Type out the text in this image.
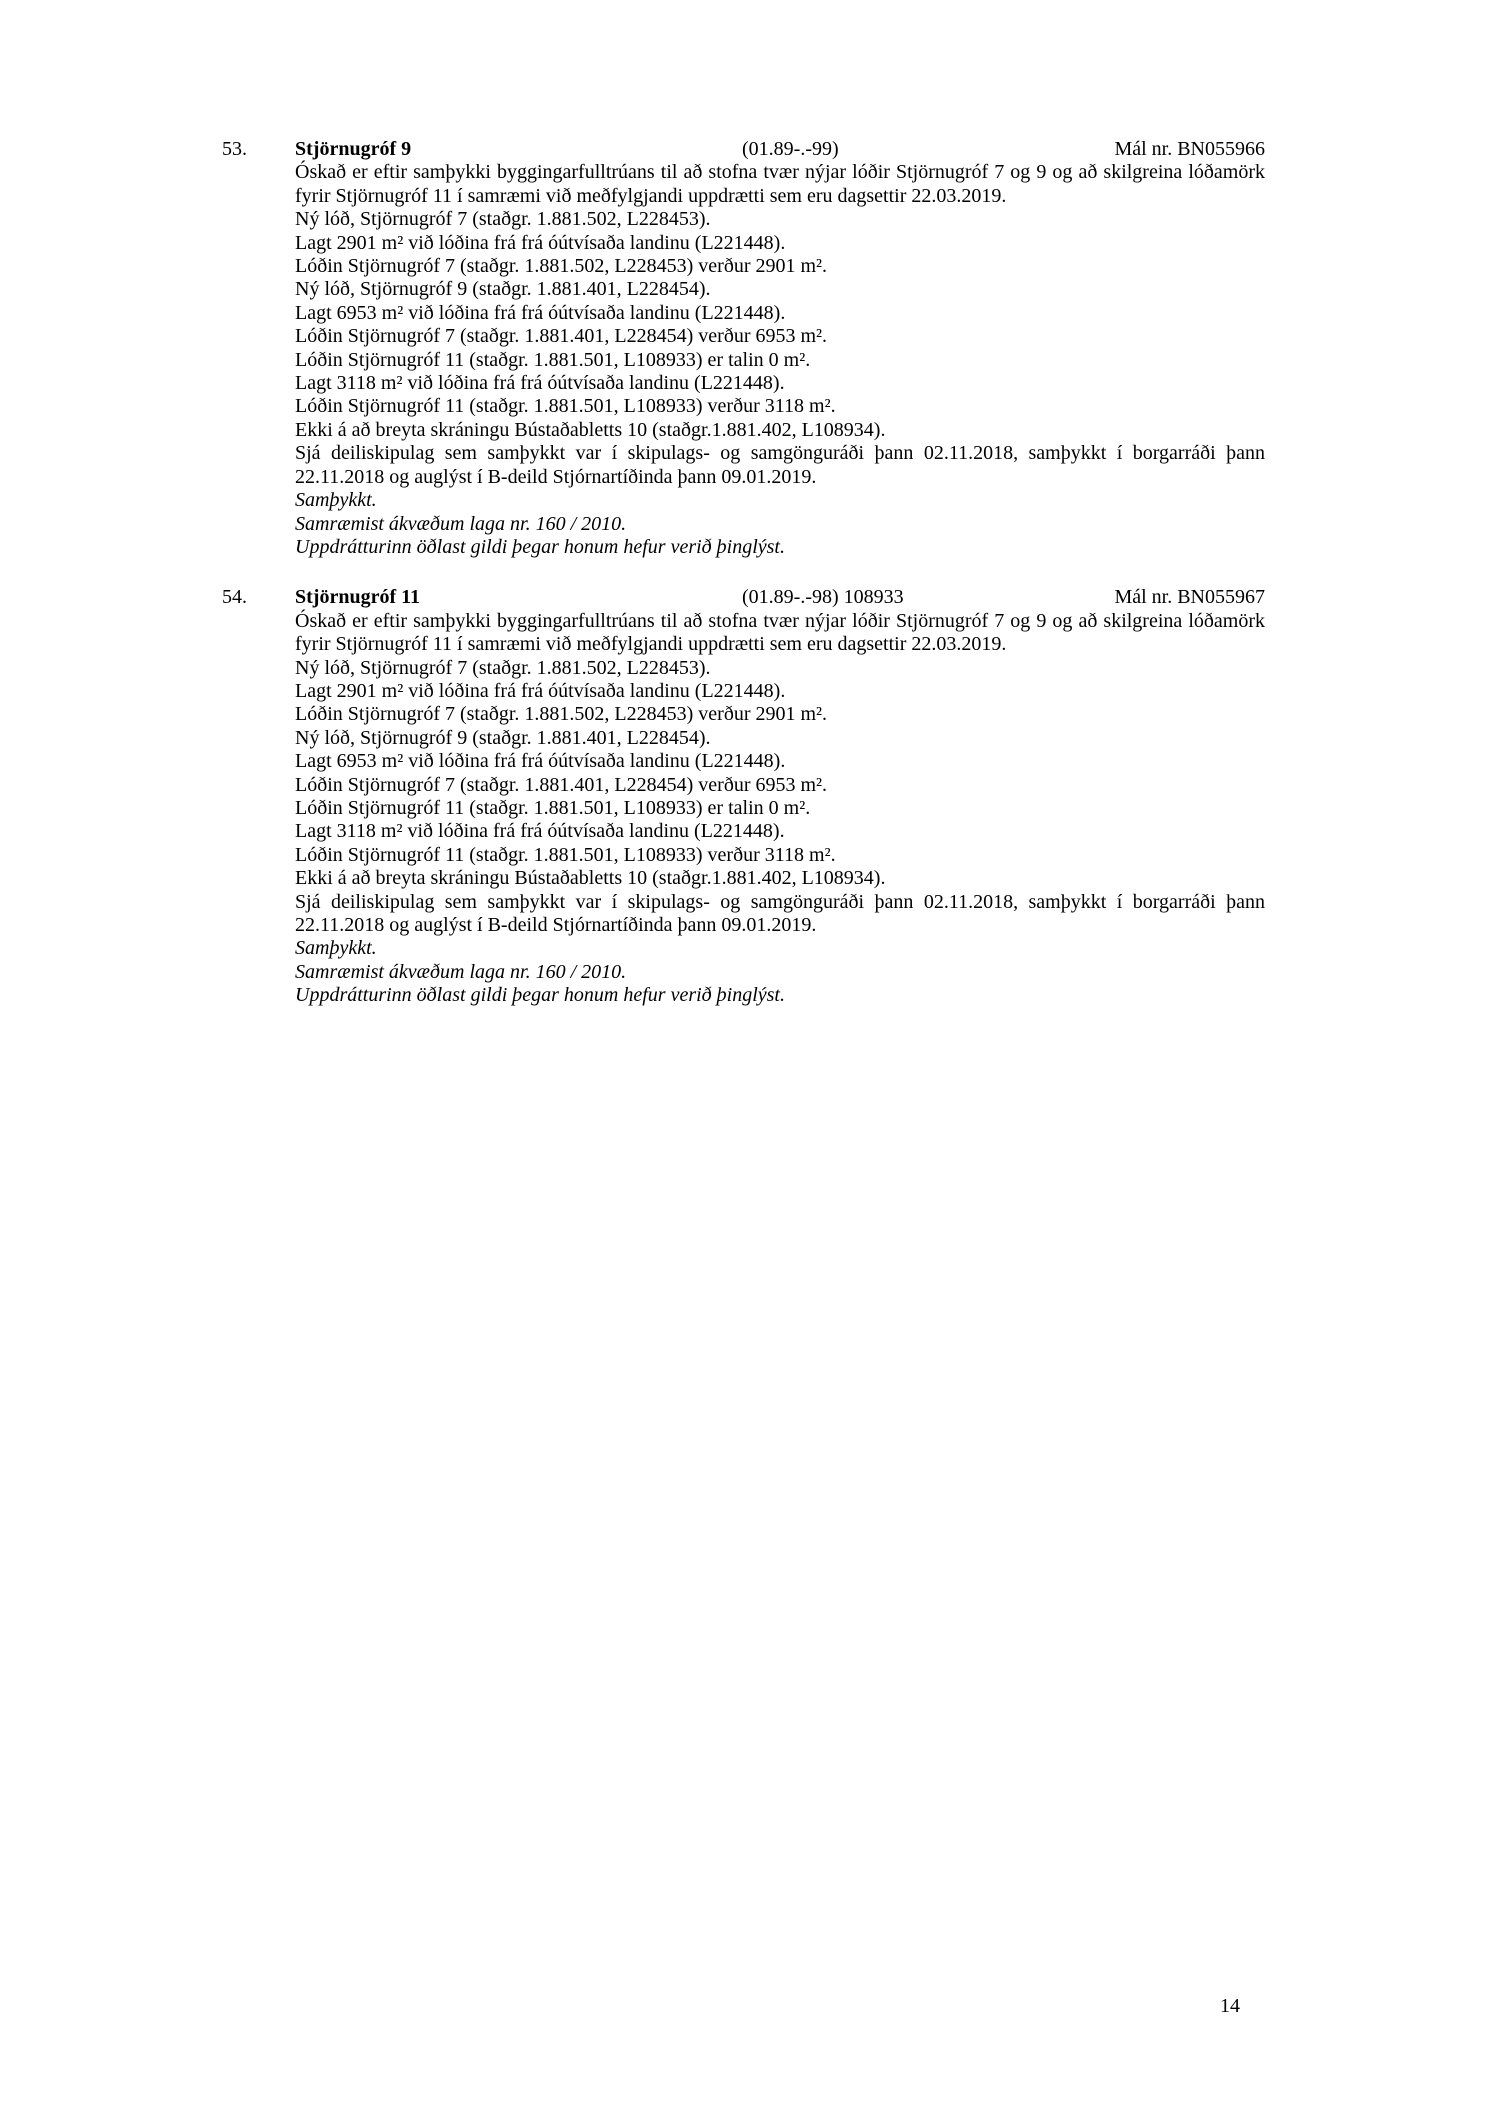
53. Stjörnugróf 9	(01.89-.-99)	Mál nr. BN055966

Óskað er eftir samþykki byggingarfulltrúans til að stofna tvær nýjar lóðir Stjörnugróf 7 og 9 og að skilgreina lóðamörk fyrir Stjörnugróf 11 í samræmi við meðfylgjandi uppdrætti sem eru dagsettir 22.03.2019.

Ný lóð, Stjörnugróf 7 (staðgr. 1.881.502, L228453).

Lagt 2901 m² við lóðina frá frá óútvísaða landinu (L221448).

Lóðin Stjörnugróf 7 (staðgr. 1.881.502, L228453) verður 2901 m².

Ný lóð, Stjörnugróf 9 (staðgr. 1.881.401, L228454).

Lagt 6953 m² við lóðina frá frá óútvísaða landinu (L221448).

Lóðin Stjörnugróf 7 (staðgr. 1.881.401, L228454) verður 6953 m².

Lóðin Stjörnugróf 11 (staðgr. 1.881.501, L108933) er talin 0 m².

Lagt 3118 m² við lóðina frá frá óútvísaða landinu (L221448).

Lóðin Stjörnugróf 11 (staðgr. 1.881.501, L108933) verður 3118 m².

Ekki á að breyta skráningu Bústaðabletts 10 (staðgr.1.881.402, L108934).

Sjá deiliskipulag sem samþykkt var í skipulags- og samgönguráði þann 02.11.2018, samþykkt í borgarráði þann 22.11.2018 og auglýst í B-deild Stjórnartíðinda þann 09.01.2019.

Samþykkt.

Samræmist ákvæðum laga nr. 160 / 2010.

Uppdrátturinn öðlast gildi þegar honum hefur verið þinglýst.

54. Stjörnugróf 11	(01.89-.-98) 108933	Mál nr. BN055967

Óskað er eftir samþykki byggingarfulltrúans til að stofna tvær nýjar lóðir Stjörnugróf 7 og 9 og að skilgreina lóðamörk fyrir Stjörnugróf 11 í samræmi við meðfylgjandi uppdrætti sem eru dagsettir 22.03.2019.

Ný lóð, Stjörnugróf 7 (staðgr. 1.881.502, L228453).

Lagt 2901 m² við lóðina frá frá óútvísaða landinu (L221448).

Lóðin Stjörnugróf 7 (staðgr. 1.881.502, L228453) verður 2901 m².

Ný lóð, Stjörnugróf 9 (staðgr. 1.881.401, L228454).

Lagt 6953 m² við lóðina frá frá óútvísaða landinu (L221448).

Lóðin Stjörnugróf 7 (staðgr. 1.881.401, L228454) verður 6953 m².

Lóðin Stjörnugróf 11 (staðgr. 1.881.501, L108933) er talin 0 m².

Lagt 3118 m² við lóðina frá frá óútvísaða landinu (L221448).

Lóðin Stjörnugróf 11 (staðgr. 1.881.501, L108933) verður 3118 m².

Ekki á að breyta skráningu Bústaðabletts 10 (staðgr.1.881.402, L108934).

Sjá deiliskipulag sem samþykkt var í skipulags- og samgönguráði þann 02.11.2018, samþykkt í borgarráði þann 22.11.2018 og auglýst í B-deild Stjórnartíðinda þann 09.01.2019.

Samþykkt.

Samræmist ákvæðum laga nr. 160 / 2010.

Uppdrátturinn öðlast gildi þegar honum hefur verið þinglýst.

14
